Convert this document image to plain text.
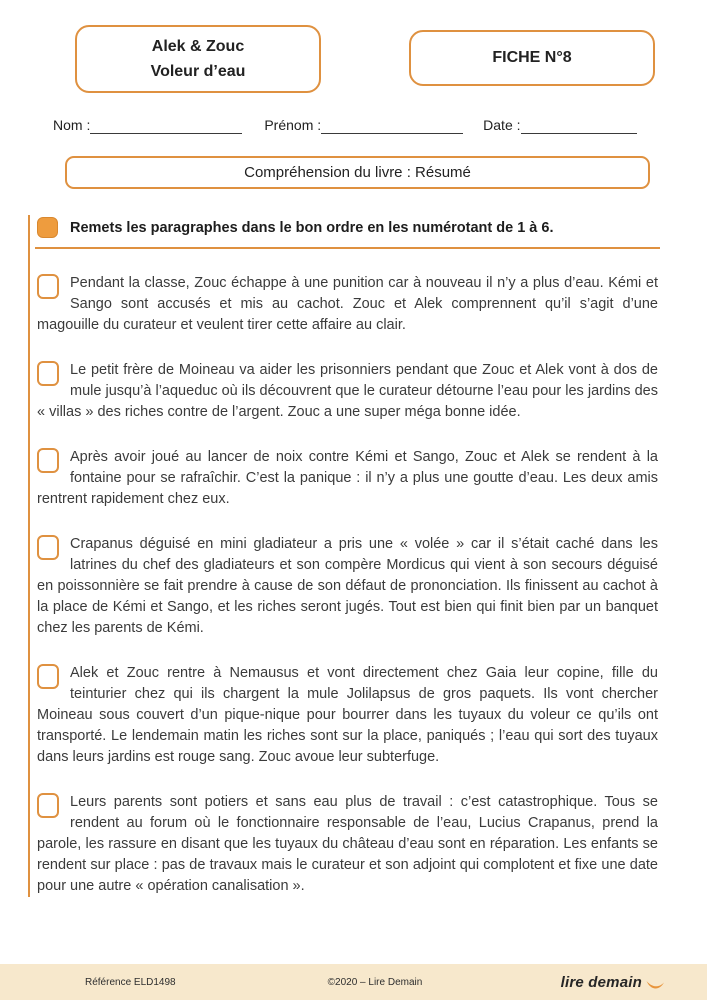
Alek & Zouc
Voleur d’eau
FICHE N°8
Nom :	Prénom :	Date :
Compréhension du livre : Résumé
Remets les paragraphes dans le bon ordre en les numérotant de 1 à 6.
Pendant la classe, Zouc échappe à une punition car à nouveau il n’y a plus d’eau. Kémi et Sango sont accusés et mis au cachot. Zouc et Alek comprennent qu’il s’agit d’une magouille du curateur et veulent tirer cette affaire au clair.
Le petit frère de Moineau va aider les prisonniers pendant que Zouc et Alek vont à dos de mule jusqu’à l’aqueduc où ils découvrent que le curateur détourne l’eau pour les jardins des « villas » des riches contre de l’argent. Zouc a une super méga bonne idée.
Après avoir joué au lancer de noix contre Kémi et Sango, Zouc et Alek se rendent à la fontaine pour se rafraîchir. C’est la panique : il n’y a plus une goutte d’eau. Les deux amis rentrent rapidement chez eux.
Crapanus déguisé en mini gladiateur a pris une « volée » car il s’était caché dans les latrines du chef des gladiateurs et son compère Mordicus qui vient à son secours déguisé en poissonnière se fait prendre à cause de son défaut de prononciation. Ils finissent au cachot à la place de Kémi et Sango, et les riches seront jugés. Tout est bien qui finit bien par un banquet chez les parents de Kémi.
Alek et Zouc rentre à Nemausus et vont directement chez Gaia leur copine, fille du teinturier chez qui ils chargent la mule Jolilapsus de gros paquets. Ils vont chercher Moineau sous couvert d’un pique-nique pour bourrer dans les tuyaux du voleur ce qu’ils ont transporté. Le lendemain matin les riches sont sur la place, paniqués ; l’eau qui sort des tuyaux dans leurs jardins est rouge sang. Zouc avoue leur subterfuge.
Leurs parents sont potiers et sans eau plus de travail : c’est catastrophique. Tous se rendent au forum où le fonctionnaire responsable de l’eau, Lucius Crapanus, prend la parole, les rassure en disant que les tuyaux du château d’eau sont en réparation. Les enfants se rendent sur place : pas de travaux mais le curateur et son adjoint qui complotent et fixe une date pour une autre « opération canalisation ».
Référence ELD1498	©2020 – Lire Demain	lire demain
